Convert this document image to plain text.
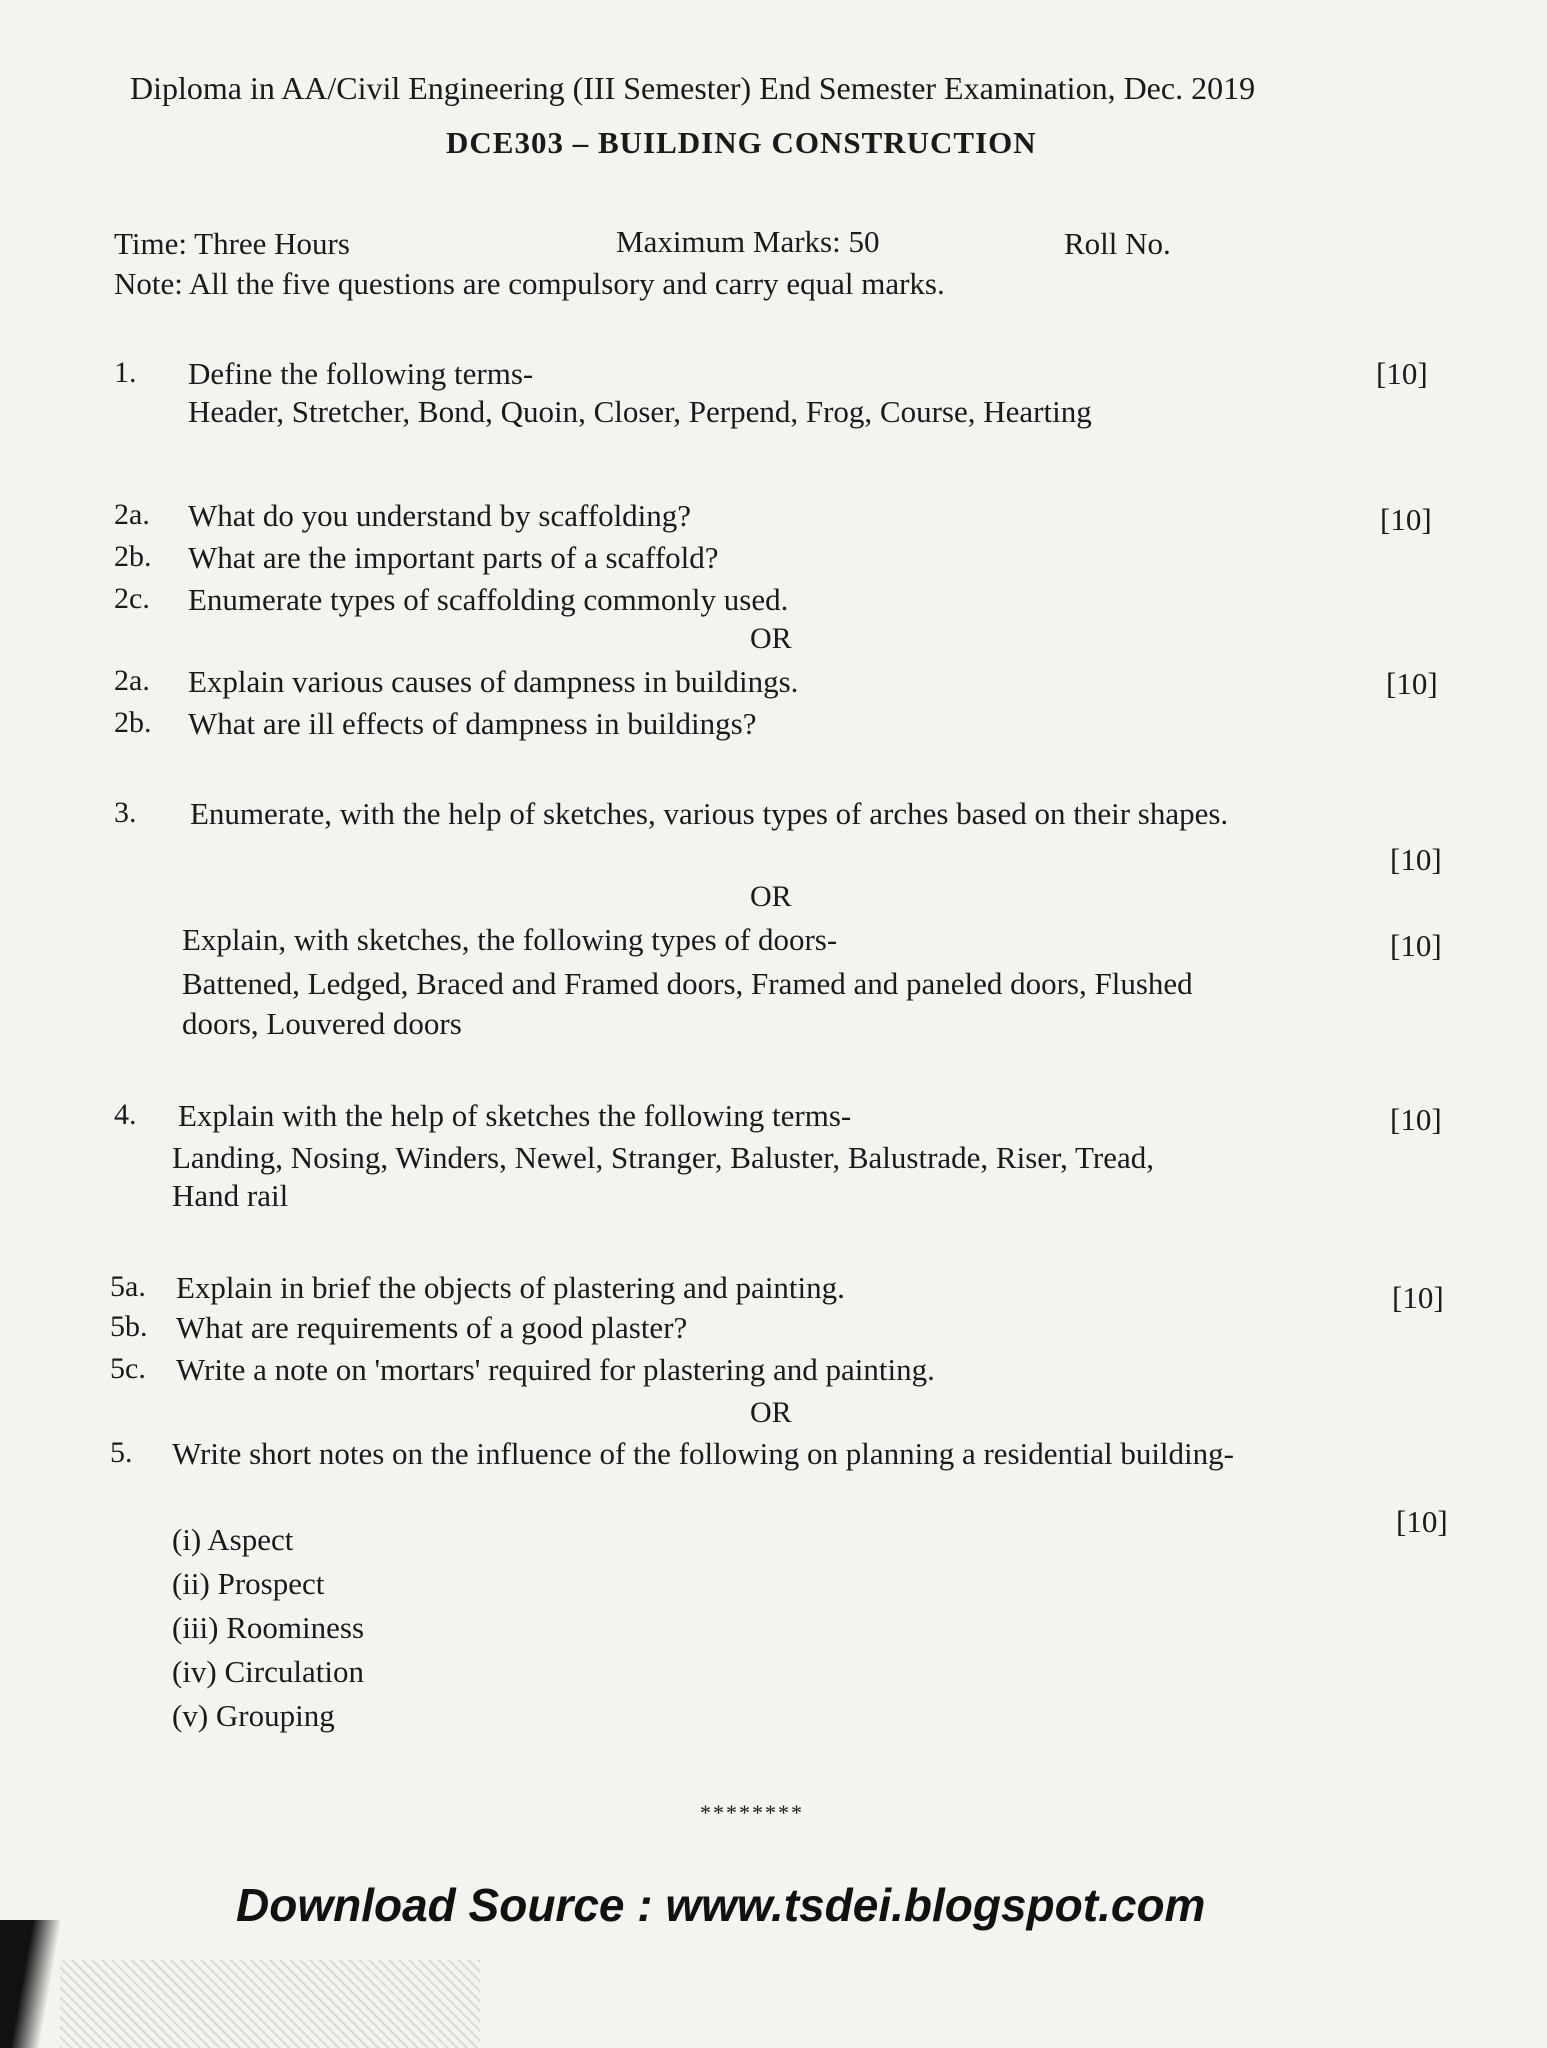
Diploma in AA/Civil Engineering (III Semester) End Semester Examination, Dec. 2019
DCE303 – BUILDING CONSTRUCTION
Time: Three Hours	Maximum Marks: 50	Roll No.
Note: All the five questions are compulsory and carry equal marks.
1. Define the following terms-	[10]
Header, Stretcher, Bond, Quoin, Closer, Perpend, Frog, Course, Hearting
2a. What do you understand by scaffolding?	[10]
2b. What are the important parts of a scaffold?
2c. Enumerate types of scaffolding commonly used.
OR
2a. Explain various causes of dampness in buildings.	[10]
2b. What are ill effects of dampness in buildings?
3. Enumerate, with the help of sketches, various types of arches based on their shapes.
[10]
OR
Explain, with sketches, the following types of doors-	[10]
Battened, Ledged, Braced and Framed doors, Framed and paneled doors, Flushed
doors, Louvered doors
4. Explain with the help of sketches the following terms-	[10]
Landing, Nosing, Winders, Newel, Stranger, Baluster, Balustrade, Riser, Tread,
Hand rail
5a. Explain in brief the objects of plastering and painting.	[10]
5b. What are requirements of a good plaster?
5c. Write a note on 'mortars' required for plastering and painting.
OR
5. Write short notes on the influence of the following on planning a residential building-
[10]
(i) Aspect
(ii) Prospect
(iii) Roominess
(iv) Circulation
(v) Grouping
********
Download Source : www.tsdei.blogspot.com
